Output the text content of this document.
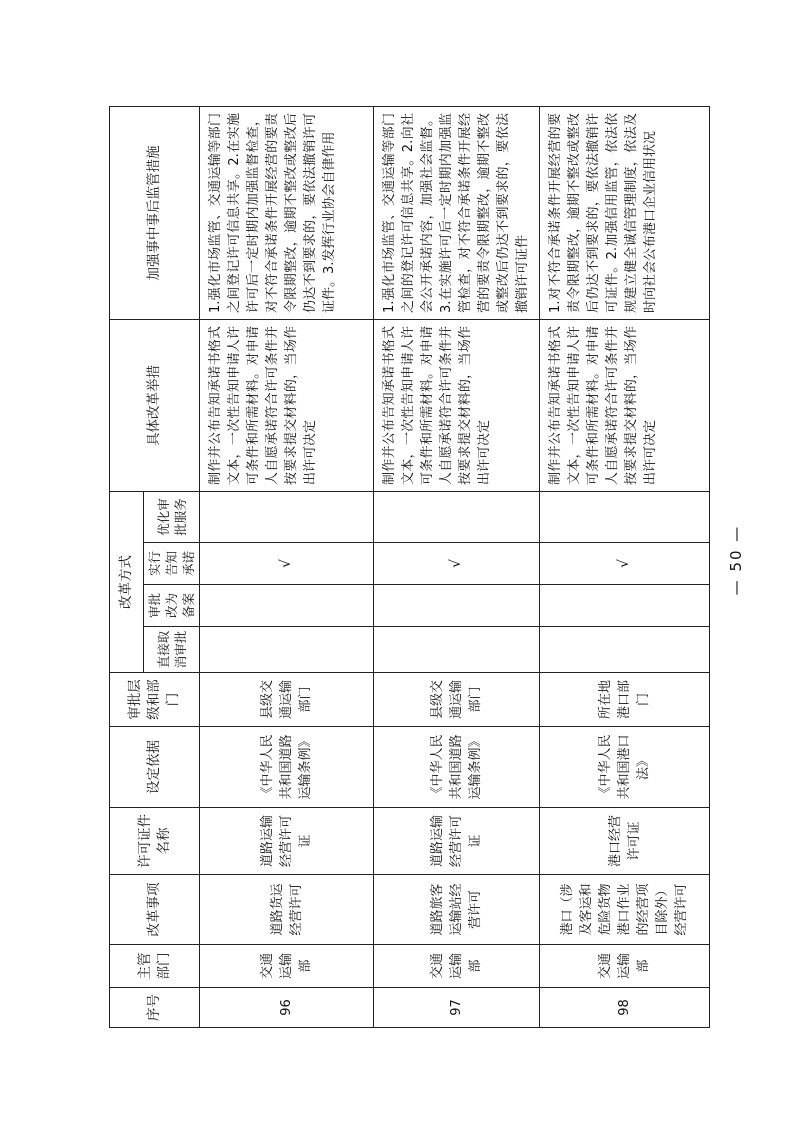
序号	主管部门	改革事项	许可证件名称	设定依据	审批层级和部门	改革方式				具体改革举措	加强事中事后监管措施
						直接取消审批	审批改为备案	实行告知承诺	优化审批服务		
96	交通运输部	道路货运经营许可	道路运输经营许可证	《中华人民共和国道路运输条例》	县级交通运输部门			√		制作并公布告知承诺书格式文本，一次性告知申请人许可条件和所需材料。对申请人自愿承诺符合许可条件并按要求提交材料的，当场作出许可决定	1.强化市场监管、交通运输等部门之间登记许可信息共享。2.在实施许可后一定时期内加强监督检查，对不符合承诺条件开展经营的要责令限期整改，逾期不整改或整改后仍达不到要求的，要依法撤销许可证件。3.发挥行业协会自律作用
97	交通运输部	道路旅客运输站经营许可	道路运输经营许可证	《中华人民共和国道路运输条例》	县级交通运输部门			√		制作并公布告知承诺书格式文本，一次性告知申请人许可条件和所需材料。对申请人自愿承诺符合许可条件并按要求提交材料的，当场作出许可决定	1.强化市场监管、交通运输等部门之间的登记许可信息共享。2.向社会公开承诺内容，加强社会监督。3.在实施许可后一定时期内加强监管检查，对不符合承诺条件开展经营的要责令限期整改，逾期不整改或整改后仍达不到要求的，要依法撤销许可证件
98	交通运输部	港口（涉及客运和危险货物港口作业的经营项目除外）经营许可	港口经营许可证	《中华人民共和国港口法》	所在地港口部门			√		制作并公布告知承诺书格式文本，一次性告知申请人许可条件和所需材料。对申请人自愿承诺符合许可条件并按要求提交材料的，当场作出许可决定	1.对不符合承诺条件开展经营的要责令限期整改，逾期不整改或整改后仍达不到要求的，要依法撤销许可证件。2.加强信用监管，依法依规建立健全诚信管理制度，依法及时向社会公布港口企业信用状况
— 50 —
